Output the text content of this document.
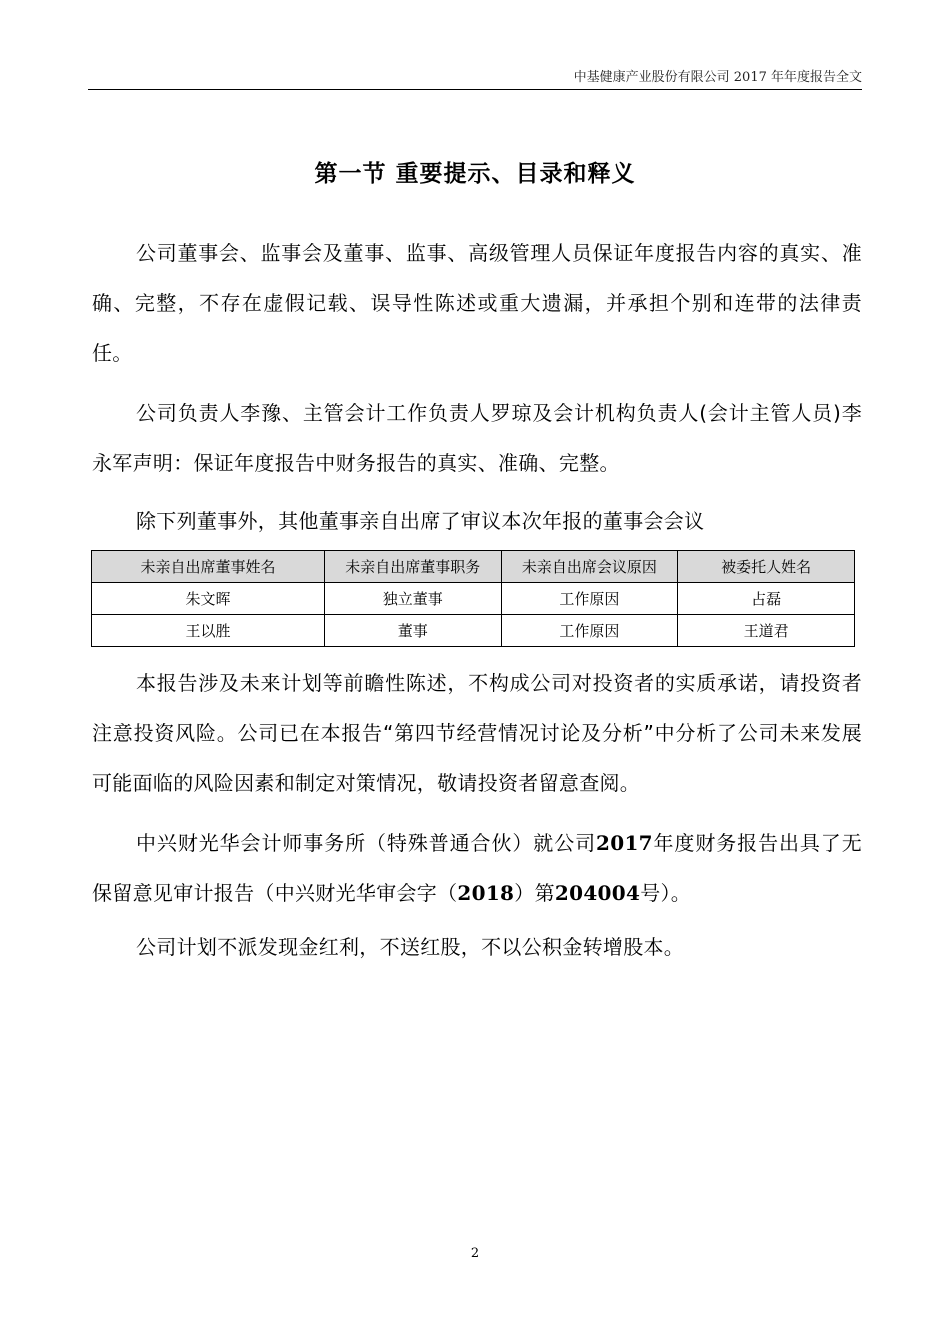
中基健康产业股份有限公司 2017 年年度报告全文
第一节 重要提示、目录和释义
公司董事会、监事会及董事、监事、高级管理人员保证年度报告内容的真实、准确、完整，不存在虚假记载、误导性陈述或重大遗漏，并承担个别和连带的法律责任。
公司负责人李豫、主管会计工作负责人罗琼及会计机构负责人(会计主管人员)李永军声明：保证年度报告中财务报告的真实、准确、完整。
除下列董事外，其他董事亲自出席了审议本次年报的董事会会议
未亲自出席董事姓名	未亲自出席董事职务	未亲自出席会议原因	被委托人姓名
朱文晖	独立董事	工作原因	占磊
王以胜	董事	工作原因	王道君
本报告涉及未来计划等前瞻性陈述，不构成公司对投资者的实质承诺，请投资者注意投资风险。公司已在本报告“第四节经营情况讨论及分析”中分析了公司未来发展可能面临的风险因素和制定对策情况，敬请投资者留意查阅。
中兴财光华会计师事务所（特殊普通合伙）就公司2017年度财务报告出具了无保留意见审计报告（中兴财光华审会字（2018）第204004号）。
公司计划不派发现金红利，不送红股，不以公积金转增股本。
2
